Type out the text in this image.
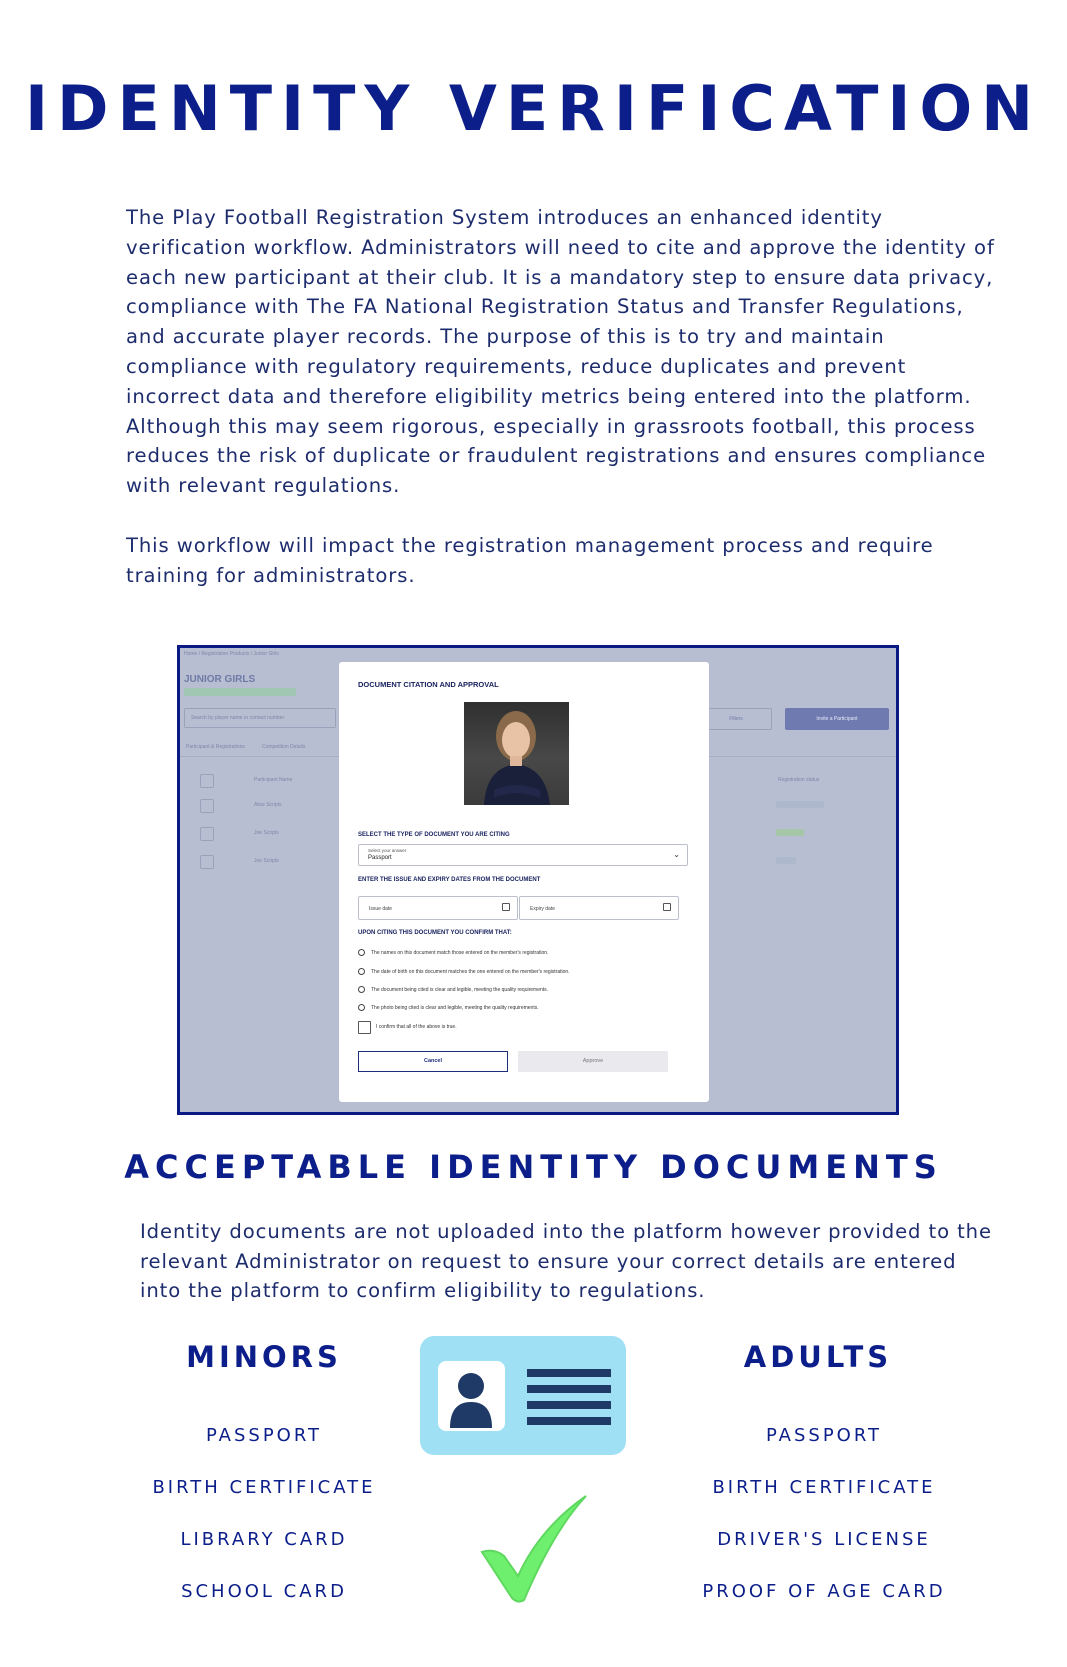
IDENTITY VERIFICATION

The Play Football Registration System introduces an enhanced identity verification workflow. Administrators will need to cite and approve the identity of each new participant at their club. It is a mandatory step to ensure data privacy, compliance with The FA National Registration Status and Transfer Regulations, and accurate player records. The purpose of this is to try and maintain compliance with regulatory requirements, reduce duplicates and prevent incorrect data and therefore eligibility metrics being entered into the platform. Although this may seem rigorous, especially in grassroots football, this process reduces the risk of duplicate or fraudulent registrations and ensures compliance with relevant regulations.

This workflow will impact the registration management process and require training for administrators.

Home / Registration Products / Junior Girls
JUNIOR GIRLS
Search by player name or contact number	Filters	Invite a Participant
Participant & Registrations	Competition Details
Participant Name	Registration status
Alice Scripts
Joe Scripts
Joe Scripts
DOCUMENT CITATION AND APPROVAL
SELECT THE TYPE OF DOCUMENT YOU ARE CITING
Select your answer
Passport	⌄
ENTER THE ISSUE AND EXPIRY DATES FROM THE DOCUMENT
Issue date	Expiry date
UPON CITING THIS DOCUMENT YOU CONFIRM THAT:
The names on this document match those entered on the member's registration.
The date of birth on this document matches the one entered on the member's registration.
The document being cited is clear and legible, meeting the quality requirements.
The photo being cited is clear and legible, meeting the quality requirements.
I confirm that all of the above is true.
Cancel	Approve
ACCEPTABLE IDENTITY DOCUMENTS

Identity documents are not uploaded into the platform however provided to the relevant Administrator on request to ensure your correct details are entered into the platform to confirm eligibility to regulations.

MINORS
PASSPORT
BIRTH CERTIFICATE
LIBRARY CARD
SCHOOL CARD
ADULTS
PASSPORT
BIRTH CERTIFICATE
DRIVER'S LICENSE
PROOF OF AGE CARD
